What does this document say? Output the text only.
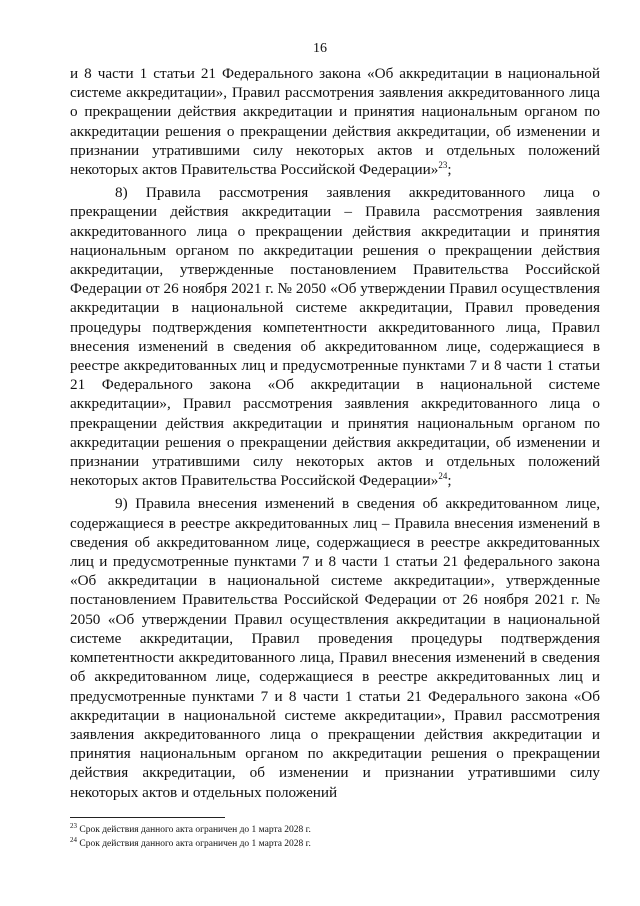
16

и 8 части 1 статьи 21 Федерального закона «Об аккредитации в национальной системе аккредитации», Правил рассмотрения заявления аккредитованного лица о прекращении действия аккредитации и принятия национальным органом по аккредитации решения о прекращении действия аккредитации, об изменении и признании утратившими силу некоторых актов и отдельных положений некоторых актов Правительства Российской Федерации»$^{23}$;

8) Правила рассмотрения заявления аккредитованного лица о прекращении действия аккредитации – Правила рассмотрения заявления аккредитованного лица о прекращении действия аккредитации и принятия национальным органом по аккредитации решения о прекращении действия аккредитации, утвержденные постановлением Правительства Российской Федерации от 26 ноября 2021 г. № 2050 «Об утверждении Правил осуществления аккредитации в национальной системе аккредитации, Правил проведения процедуры подтверждения компетентности аккредитованного лица, Правил внесения изменений в сведения об аккредитованном лице, содержащиеся в реестре аккредитованных лиц и предусмотренные пунктами 7 и 8 части 1 статьи 21 Федерального закона «Об аккредитации в национальной системе аккредитации», Правил рассмотрения заявления аккредитованного лица о прекращении действия аккредитации и принятия национальным органом по аккредитации решения о прекращении действия аккредитации, об изменении и признании утратившими силу некоторых актов и отдельных положений некоторых актов Правительства Российской Федерации»$^{24}$;

9) Правила внесения изменений в сведения об аккредитованном лице, содержащиеся в реестре аккредитованных лиц – Правила внесения изменений в сведения об аккредитованном лице, содержащиеся в реестре аккредитованных лиц и предусмотренные пунктами 7 и 8 части 1 статьи 21 федерального закона «Об аккредитации в национальной системе аккредитации», утвержденные постановлением Правительства Российской Федерации от 26 ноября 2021 г. № 2050 «Об утверждении Правил осуществления аккредитации в национальной системе аккредитации, Правил проведения процедуры подтверждения компетентности аккредитованного лица, Правил внесения изменений в сведения об аккредитованном лице, содержащиеся в реестре аккредитованных лиц и предусмотренные пунктами 7 и 8 части 1 статьи 21 Федерального закона «Об аккредитации в национальной системе аккредитации», Правил рассмотрения заявления аккредитованного лица о прекращении действия аккредитации и принятия национальным органом по аккредитации решения о прекращении действия аккредитации, об изменении и признании утратившими силу некоторых актов и отдельных положений

$^{23}$ Срок действия данного акта ограничен до 1 марта 2028 г.

$^{24}$ Срок действия данного акта ограничен до 1 марта 2028 г.
